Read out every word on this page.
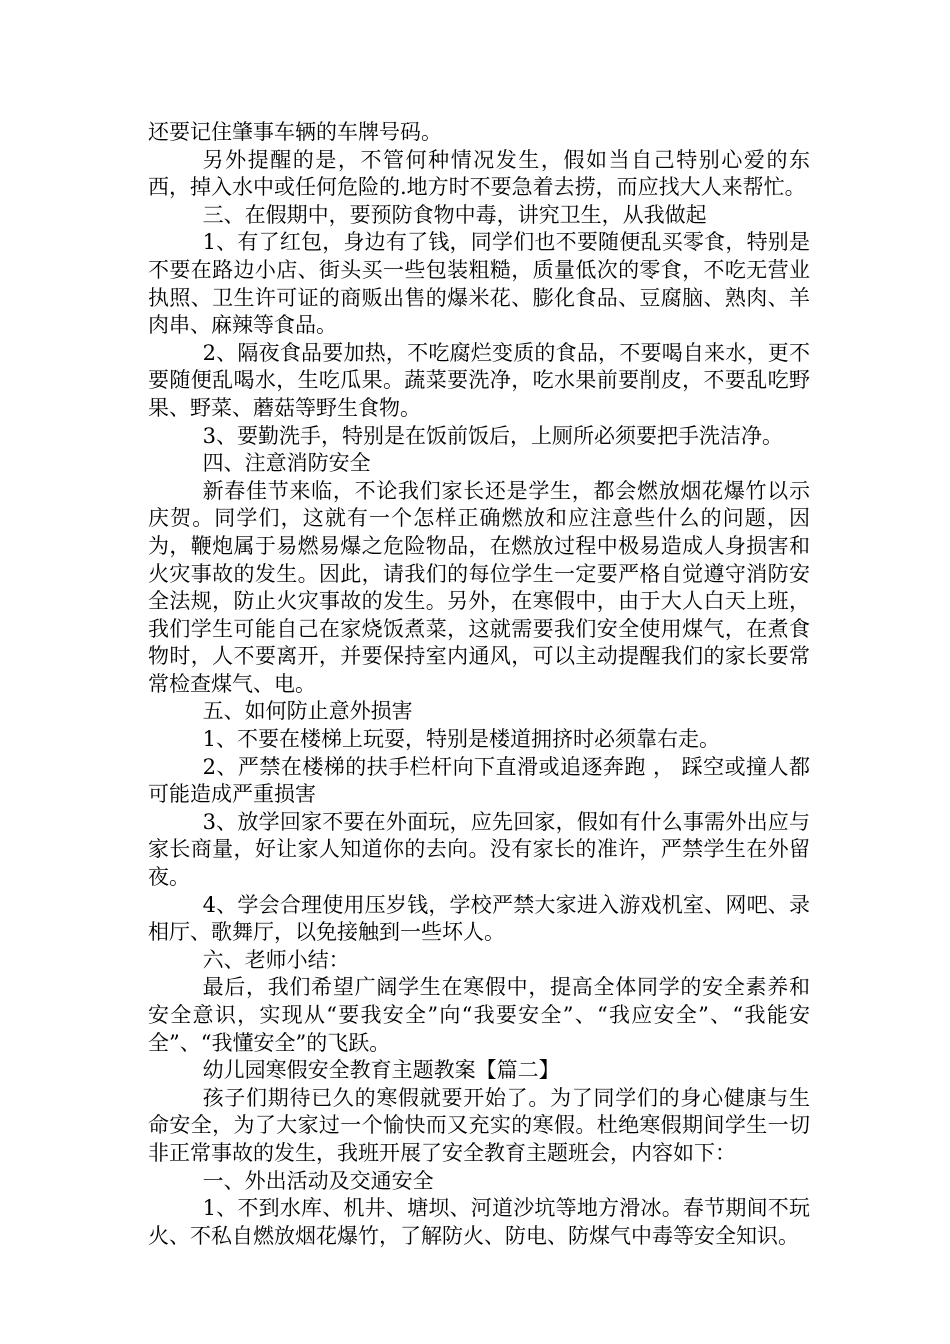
还要记住肇事车辆的车牌号码。

另外提醒的是，不管何种情况发生，假如当自己特别心爱的东西，掉入水中或任何危险的.地方时不要急着去捞，而应找大人来帮忙。

三、在假期中，要预防食物中毒，讲究卫生，从我做起

1、有了红包，身边有了钱，同学们也不要随便乱买零食，特别是不要在路边小店、街头买一些包装粗糙，质量低次的零食，不吃无营业执照、卫生许可证的商贩出售的爆米花、膨化食品、豆腐脑、熟肉、羊肉串、麻辣等食品。

2、隔夜食品要加热，不吃腐烂变质的食品，不要喝自来水，更不要随便乱喝水，生吃瓜果。蔬菜要洗净，吃水果前要削皮，不要乱吃野果、野菜、蘑菇等野生食物。

3、要勤洗手，特别是在饭前饭后，上厕所必须要把手洗洁净。

四、注意消防安全

新春佳节来临，不论我们家长还是学生，都会燃放烟花爆竹以示庆贺。同学们，这就有一个怎样正确燃放和应注意些什么的问题，因为，鞭炮属于易燃易爆之危险物品，在燃放过程中极易造成人身损害和火灾事故的发生。因此，请我们的每位学生一定要严格自觉遵守消防安全法规，防止火灾事故的发生。另外，在寒假中，由于大人白天上班，我们学生可能自己在家烧饭煮菜，这就需要我们安全使用煤气，在煮食物时，人不要离开，并要保持室内通风，可以主动提醒我们的家长要常常检查煤气、电。

五、如何防止意外损害

1、不要在楼梯上玩耍，特别是楼道拥挤时必须靠右走。

2、严禁在楼梯的扶手栏杆向下直滑或追逐奔跑 ， 踩空或撞人都可能造成严重损害

3、放学回家不要在外面玩，应先回家，假如有什么事需外出应与家长商量，好让家人知道你的去向。没有家长的准许，严禁学生在外留夜。

4、学会合理使用压岁钱，学校严禁大家进入游戏机室、网吧、录相厅、歌舞厅，以免接触到一些坏人。

六、老师小结：

最后，我们希望广阔学生在寒假中，提高全体同学的安全素养和安全意识，实现从“要我安全”向“我要安全”、“我应安全”、“我能安全”、“我懂安全”的飞跃。

幼儿园寒假安全教育主题教案【篇二】

孩子们期待已久的寒假就要开始了。为了同学们的身心健康与生命安全，为了大家过一个愉快而又充实的寒假。杜绝寒假期间学生一切非正常事故的发生，我班开展了安全教育主题班会，内容如下：

一、外出活动及交通安全

1、不到水库、机井、塘坝、河道沙坑等地方滑冰。春节期间不玩火、不私自燃放烟花爆竹，了解防火、防电、防煤气中毒等安全知识。
